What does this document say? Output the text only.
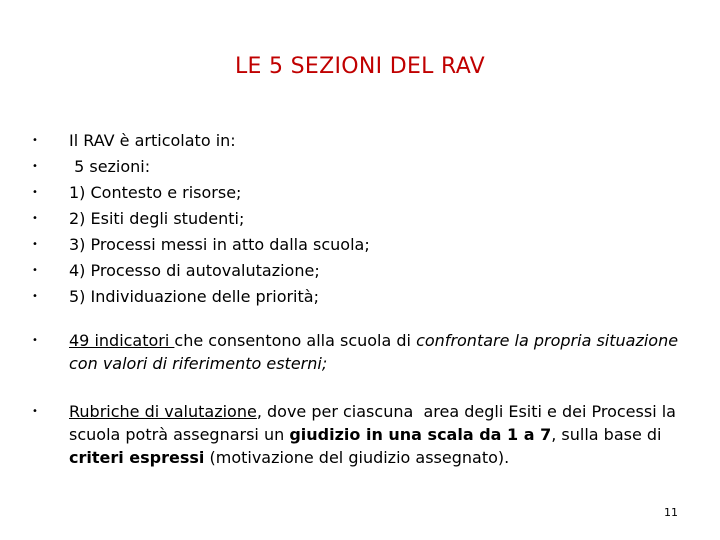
LE 5 SEZIONI DEL RAV
• Il RAV è articolato in:
• 5 sezioni:
• 1) Contesto e risorse;
• 2) Esiti degli studenti;
• 3) Processi messi in atto dalla scuola;
• 4) Processo di autovalutazione;
• 5) Individuazione delle priorità;
• 49 indicatori che consentono alla scuola di confrontare la propria situazione con valori di riferimento esterni;
• Rubriche di valutazione, dove per ciascuna  area degli Esiti e dei Processi la scuola potrà assegnarsi un giudizio in una scala da 1 a 7, sulla base di criteri espressi (motivazione del giudizio assegnato).
11
